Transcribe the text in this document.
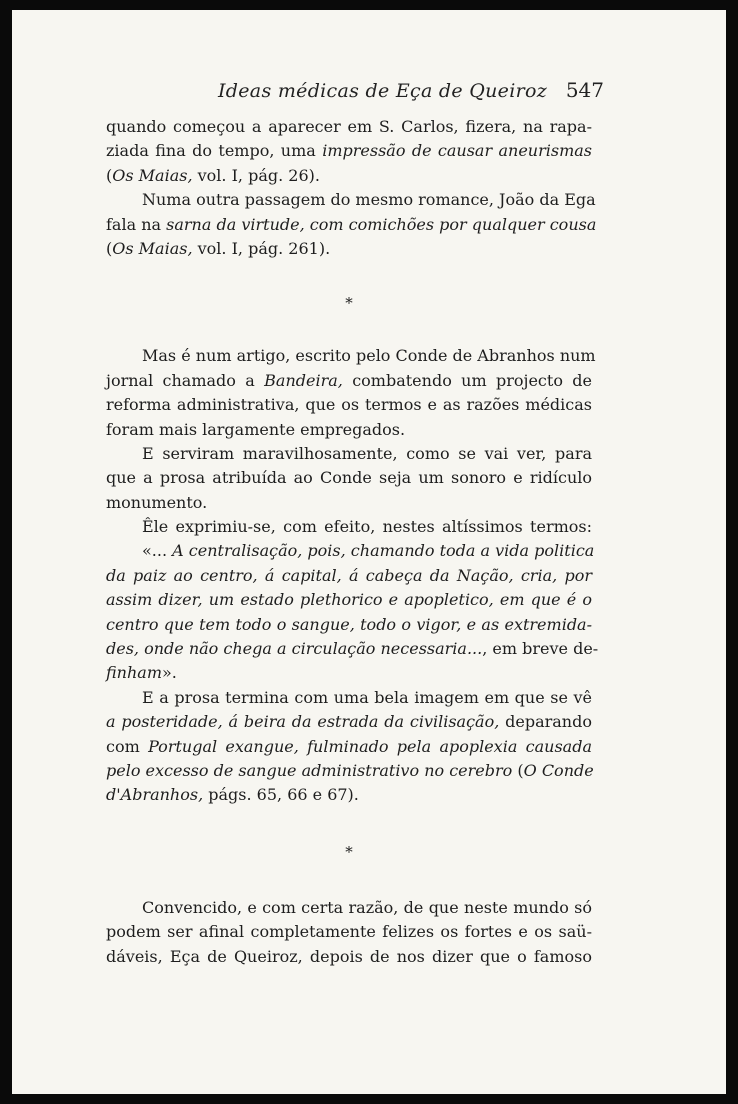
Ideas médicas de Eça de Queiroz 547
quando começou a aparecer em S. Carlos, fizera, na rapa-
ziada fina do tempo, uma impressão de causar aneurismas
(Os Maias, vol. I, pág. 26).
Numa outra passagem do mesmo romance, João da Ega
fala na sarna da virtude, com comichões por qualquer cousa
(Os Maias, vol. I, pág. 261).
*
Mas é num artigo, escrito pelo Conde de Abranhos num
jornal chamado a Bandeira, combatendo um projecto de
reforma administrativa, que os termos e as razões médicas
foram mais largamente empregados.
E serviram maravilhosamente, como se vai ver, para
que a prosa atribuída ao Conde seja um sonoro e ridículo
monumento.
Êle exprimiu-se, com efeito, nestes altíssimos termos:
«... A centralisação, pois, chamando toda a vida politica
da paiz ao centro, á capital, á cabeça da Nação, cria, por
assim dizer, um estado plethorico e apopletico, em que é o
centro que tem todo o sangue, todo o vigor, e as extremida-
des, onde não chega a circulação necessaria..., em breve de-
finham».
E a prosa termina com uma bela imagem em que se vê
a posteridade, á beira da estrada da civilisação, deparando
com Portugal exangue, fulminado pela apoplexia causada
pelo excesso de sangue administrativo no cerebro (O Conde
d'Abranhos, págs. 65, 66 e 67).
*
Convencido, e com certa razão, de que neste mundo só
podem ser afinal completamente felizes os fortes e os saü-
dáveis, Eça de Queiroz, depois de nos dizer que o famoso
